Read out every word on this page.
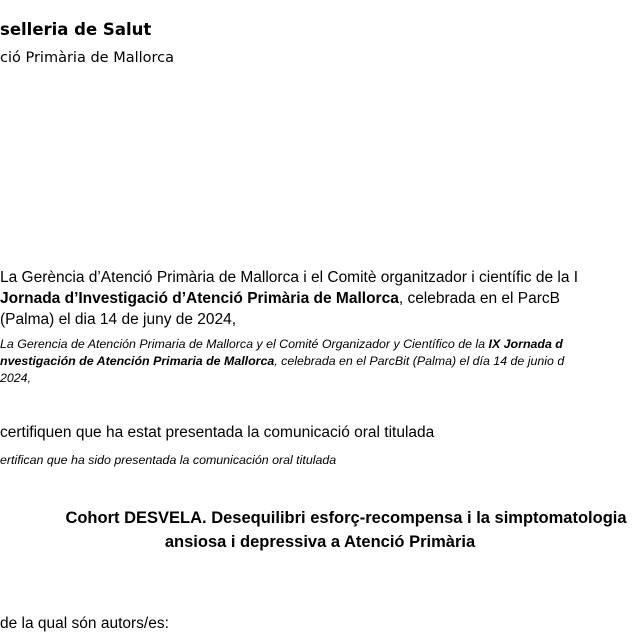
selleria de Salut
ció Primària de Mallorca
La Gerència d’Atenció Primària de Mallorca i el Comitè organitzador i científic de la I
Jornada d’Investigació d’Atenció Primària de Mallorca, celebrada en el ParcB
(Palma) el dia 14 de juny de 2024,
La Gerencia de Atención Primaria de Mallorca y el Comité Organizador y Científico de la IX Jornada d
nvestigación de Atención Primaria de Mallorca, celebrada en el ParcBit (Palma) el día 14 de junio d
2024,
certifiquen que ha estat presentada la comunicació oral titulada
ertifican que ha sido presentada la comunicación oral titulada
Cohort DESVELA. Desequilibri esforç-recompensa i la simptomatologia
ansiosa i depressiva a Atenció Primària
de la qual són autors/es:
